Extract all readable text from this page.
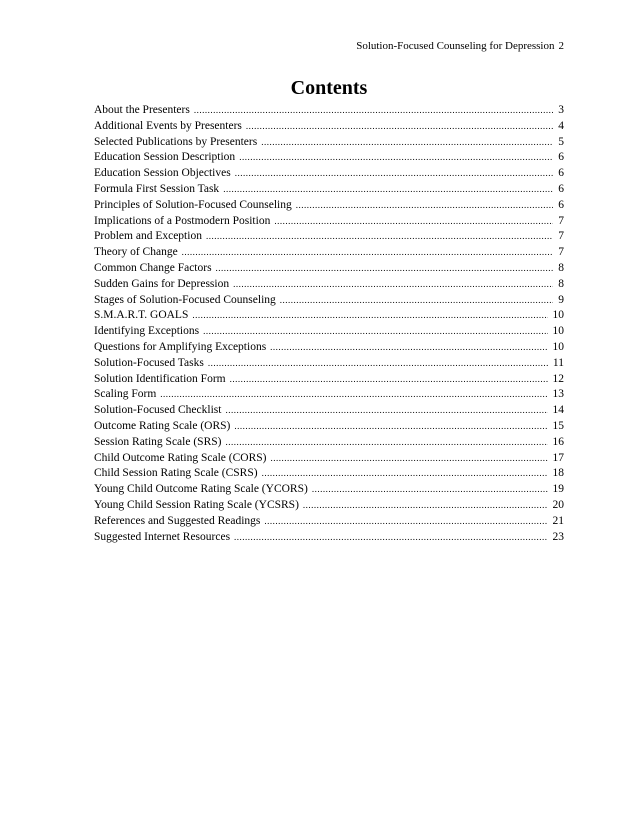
Solution-Focused Counseling for Depression 2
Contents
About the Presenters .....	3
Additional Events by Presenters .....	4
Selected Publications by Presenters .....	5
Education Session Description .....	6
Education Session Objectives .....	6
Formula First Session Task .....	6
Principles of Solution-Focused Counseling .....	6
Implications of a Postmodern Position .....	7
Problem and Exception .....	7
Theory of Change .....	7
Common Change Factors .....	8
Sudden Gains for Depression .....	8
Stages of Solution-Focused Counseling .....	9
S.M.A.R.T. GOALS .....	10
Identifying Exceptions .....	10
Questions for Amplifying Exceptions .....	10
Solution-Focused Tasks .....	11
Solution Identification Form .....	12
Scaling Form .....	13
Solution-Focused Checklist .....	14
Outcome Rating Scale (ORS) .....	15
Session Rating Scale (SRS) .....	16
Child Outcome Rating Scale (CORS) .....	17
Child Session Rating Scale (CSRS) .....	18
Young Child Outcome Rating Scale (YCORS) .....	19
Young Child Session Rating Scale (YCSRS) .....	20
References and Suggested Readings .....	21
Suggested Internet Resources .....	23
